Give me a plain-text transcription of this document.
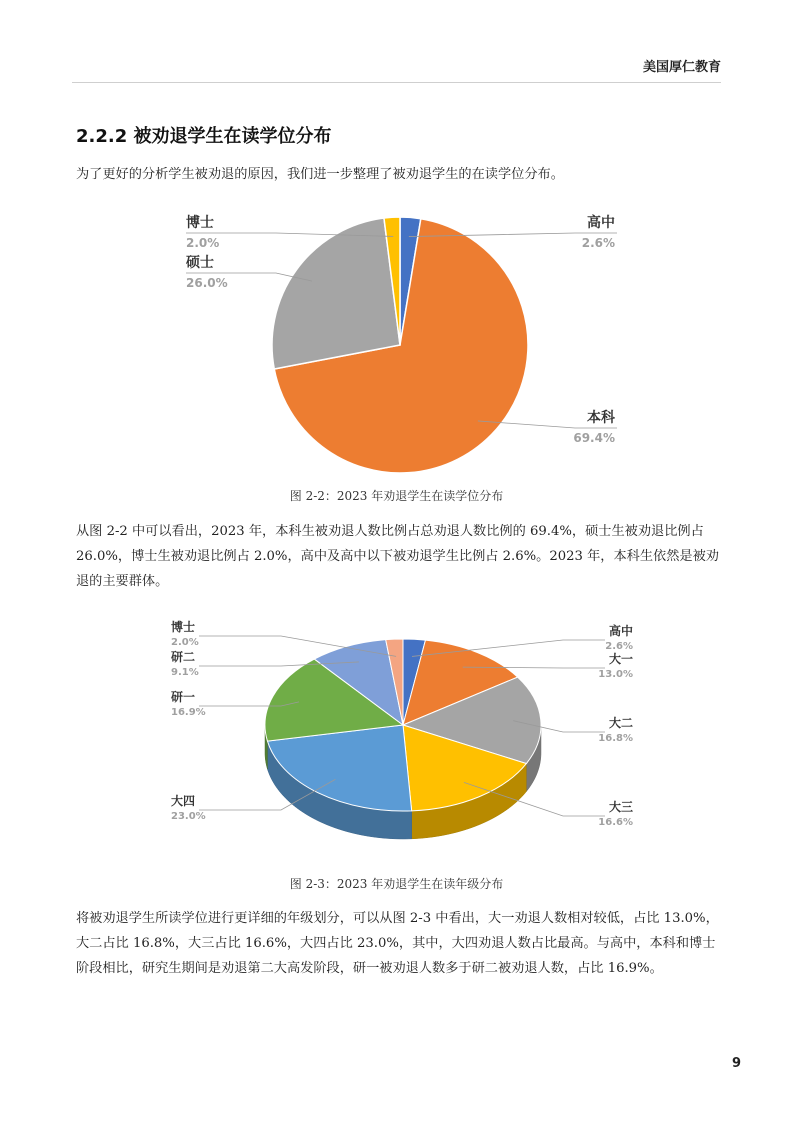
美国厚仁教育
2.2.2 被劝退学生在读学位分布
为了更好的分析学生被劝退的原因，我们进一步整理了被劝退学生的在读学位分布。
高中
2.6%
本科
69.4%
硕士
26.0%
博士
2.0%
图 2-2：2023 年劝退学生在读学位分布
从图 2-2 中可以看出，2023 年，本科生被劝退人数比例占总劝退人数比例的 69.4%，硕士生被劝退比例占 26.0%，博士生被劝退比例占 2.0%，高中及高中以下被劝退学生比例占 2.6%。2023 年，本科生依然是被劝退的主要群体。
高中
2.6%
大一
13.0%
大二
16.8%
大三
16.6%
大四
23.0%
研一
16.9%
研二
9.1%
博士
2.0%
图 2-3：2023 年劝退学生在读年级分布
将被劝退学生所读学位进行更详细的年级划分，可以从图 2-3 中看出，大一劝退人数相对较低，占比 13.0%，大二占比 16.8%，大三占比 16.6%，大四占比 23.0%，其中，大四劝退人数占比最高。与高中，本科和博士阶段相比，研究生期间是劝退第二大高发阶段，研一被劝退人数多于研二被劝退人数，占比 16.9%。
9
